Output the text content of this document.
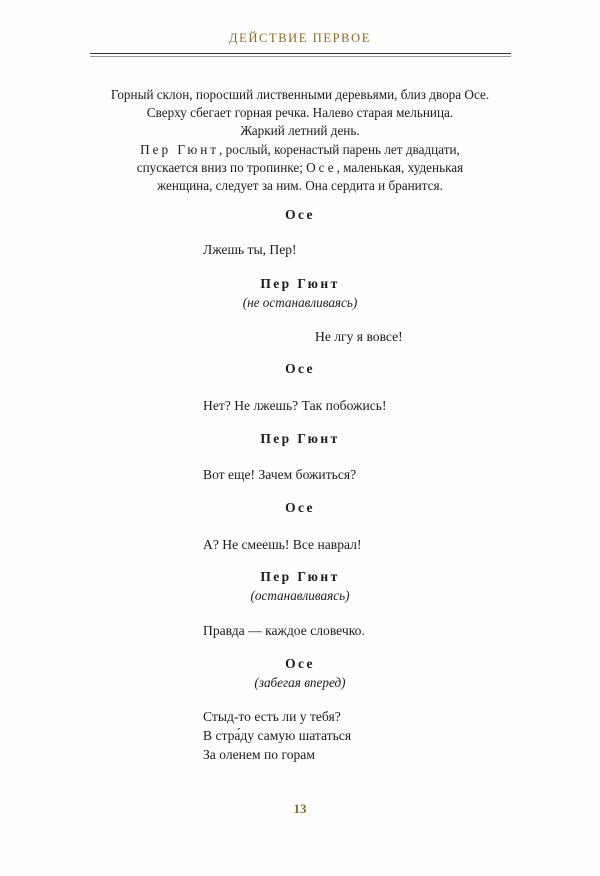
ДЕЙСТВИЕ ПЕРВОЕ
Горный склон, поросший лиственными деревьями, близ двора Осе.
Сверху сбегает горная речка. Налево старая мельница.
Жаркий летний день.
Пер Гюнт, рослый, коренастый парень лет двадцати,
спускается вниз по тропинке; Осе, маленькая, худенькая
женщина, следует за ним. Она сердита и бранится.
Осе
Лжешь ты, Пер!
Пер Гюнт
(не останавливаясь)
Не лгу я вовсе!
Осе
Нет? Не лжешь? Так побожись!
Пер Гюнт
Вот еще! Зачем божиться?
Осе
А? Не смеешь! Все наврал!
Пер Гюнт
(останавливаясь)
Правда — каждое словечко.
Осе
(забегая вперед)
Стыд-то есть ли у тебя?
В стра́ду самую шататься
За оленем по горам
13
